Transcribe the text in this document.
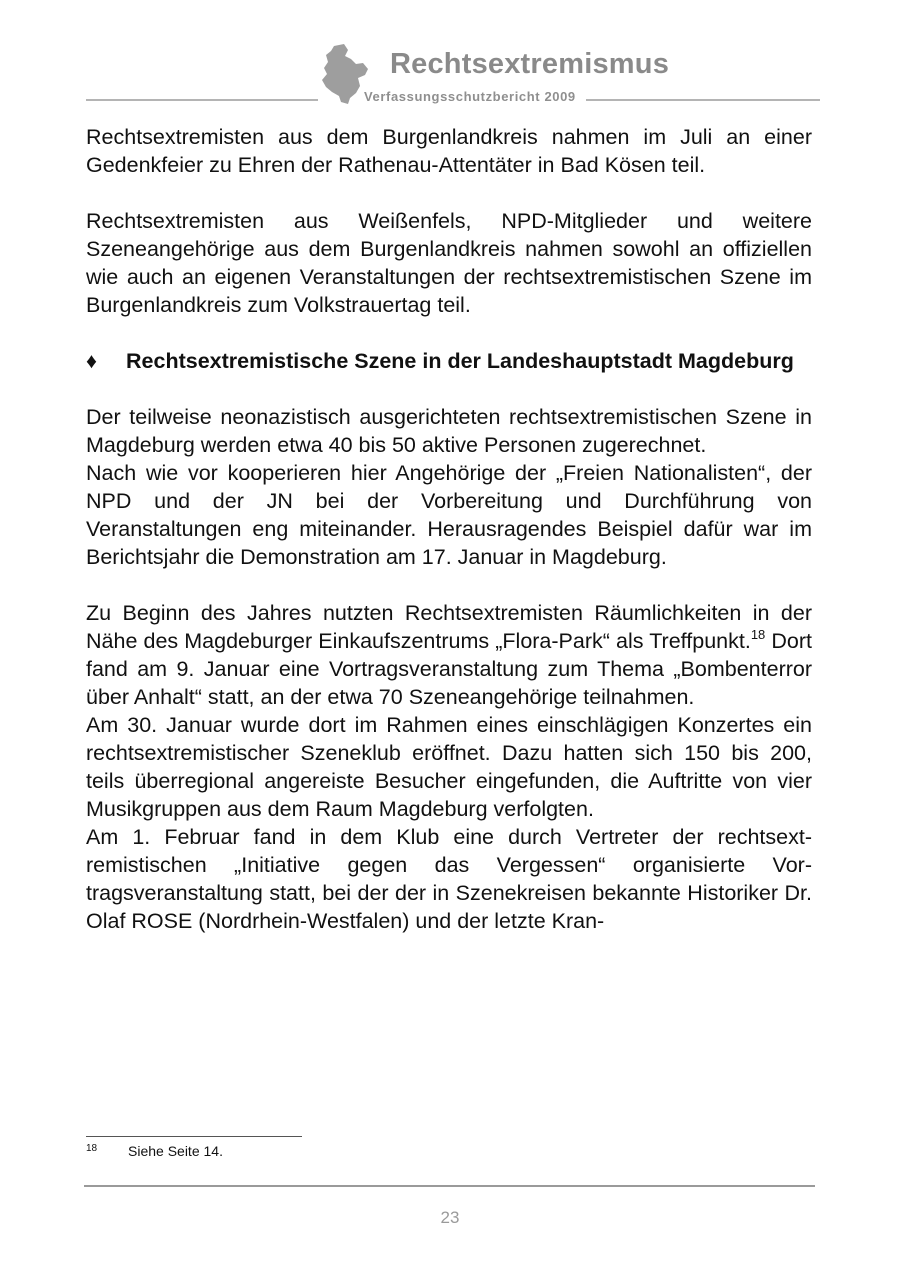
Rechtsextremismus
Verfassungsschutzbericht 2009

Rechtsextremisten aus dem Burgenlandkreis nahmen im Juli an einer Gedenkfeier zu Ehren der Rathenau-Attentäter in Bad Kösen teil.

Rechtsextremisten aus Weißenfels, NPD-Mitglieder und weitere Szeneangehörige aus dem Burgenlandkreis nahmen sowohl an offiziellen wie auch an eigenen Veranstaltungen der rechtsextremistischen Szene im Burgenlandkreis zum Volkstrauertag teil.

♦	Rechtsextremistische Szene in der Landeshauptstadt Magdeburg

Der teilweise neonazistisch ausgerichteten rechtsextremistischen Szene in Magdeburg werden etwa 40 bis 50 aktive Personen zugerechnet.

Nach wie vor kooperieren hier Angehörige der „Freien Nationalisten“, der NPD und der JN bei der Vorbereitung und Durchführung von Veranstaltungen eng miteinander. Herausragendes Beispiel dafür war im Berichtsjahr die Demonstration am 17. Januar in Magdeburg.

Zu Beginn des Jahres nutzten Rechtsextremisten Räumlichkeiten in der Nähe des Magdeburger Einkaufszentrums „Flora-Park“ als Treffpunkt.$^{18}$ Dort fand am 9. Januar eine Vortragsveranstaltung zum Thema „Bombenterror über Anhalt“ statt, an der etwa 70 Szeneangehörige teilnahmen.

Am 30. Januar wurde dort im Rahmen eines einschlägigen Konzertes ein rechtsextremistischer Szeneklub eröffnet. Dazu hatten sich 150 bis 200, teils überregional angereiste Besucher eingefunden, die Auftritte von vier Musikgruppen aus dem Raum Magdeburg verfolgten.

Am 1. Februar fand in dem Klub eine durch Vertreter der rechtsextremistischen „Initiative gegen das Vergessen“ organisierte Vortragsveranstaltung statt, bei der der in Szenekreisen bekannte Historiker Dr. Olaf ROSE (Nordrhein-Westfalen) und der letzte Kran-

18 Siehe Seite 14.
23
